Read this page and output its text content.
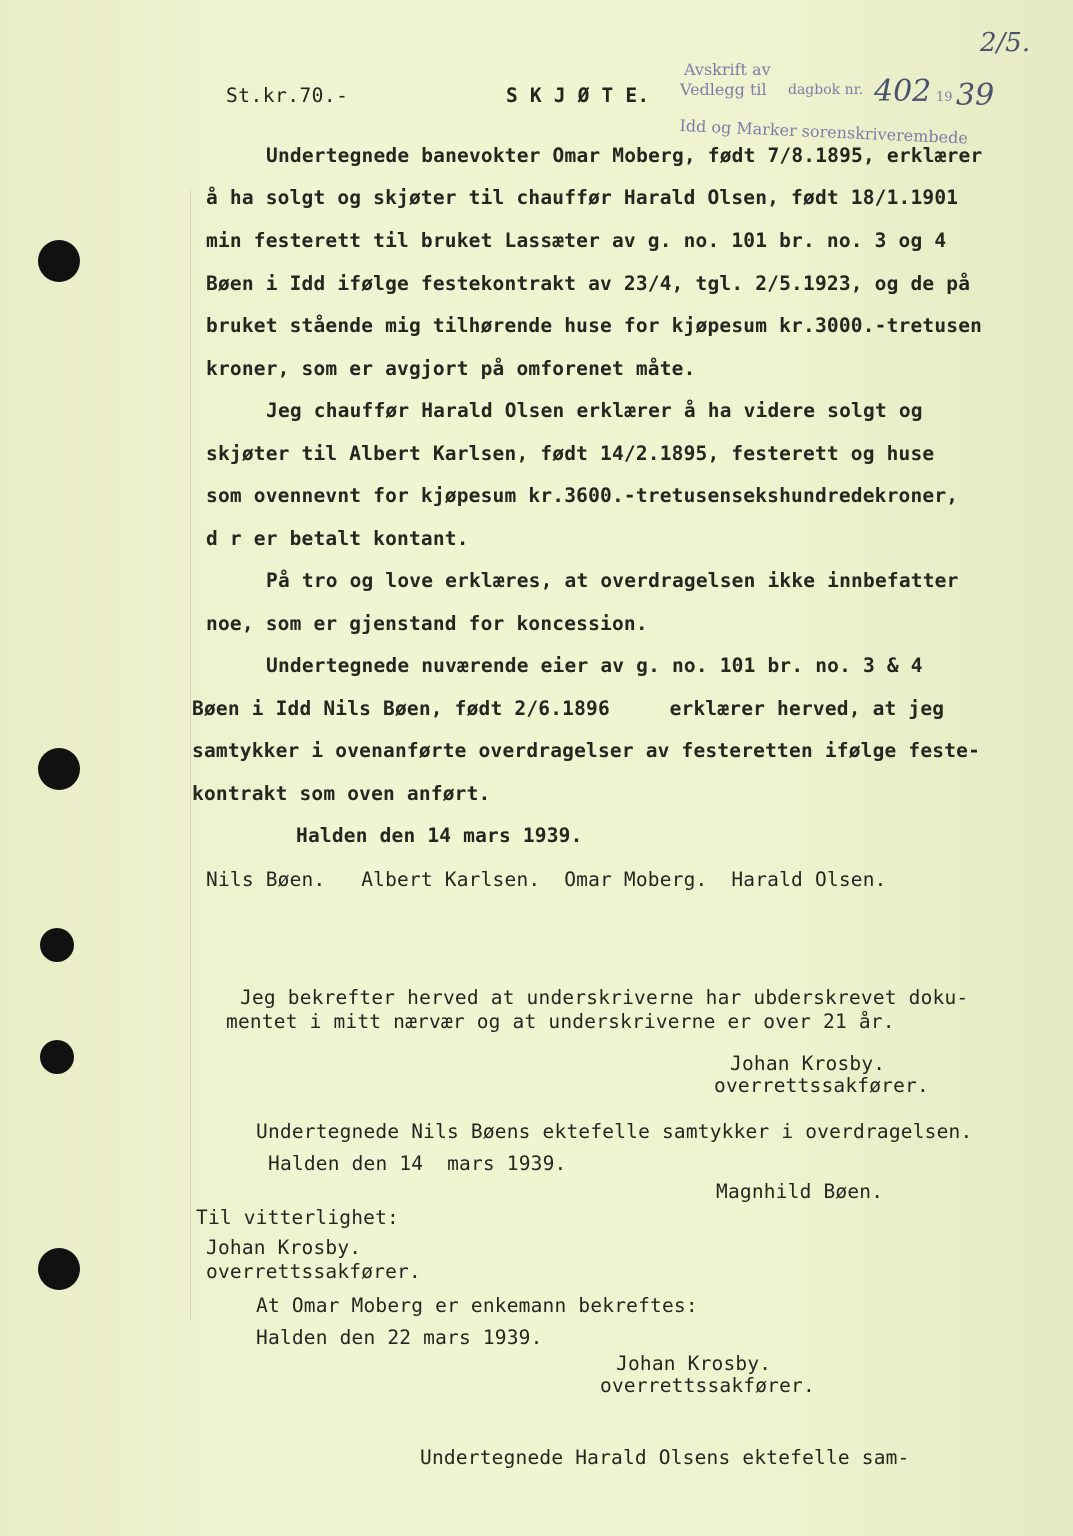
St.kr.70.-	S K J Ø T E.
Avskrift av
Vedlegg til dagbok nr. 402 19 39
Idd og Marker sorenskriverembede
2/5.
Undertegnede banevokter Omar Moberg, født 7/8.1895, erklærer
å ha solgt og skjøter til chauffør Harald Olsen, født 18/1.1901
min festerett til bruket Lassæter av g. no. 101 br. no. 3 og 4
Bøen i Idd ifølge festekontrakt av 23/4, tgl. 2/5.1923, og de på
bruket stående mig tilhørende huse for kjøpesum kr.3000.-tretusen
kroner, som er avgjort på omforenet måte.
Jeg chauffør Harald Olsen erklærer å ha videre solgt og
skjøter til Albert Karlsen, født 14/2.1895, festerett og huse
som ovennevnt for kjøpesum kr.3600.-tretusensekshundredekroner,
d r er betalt kontant.
På tro og love erklæres, at overdragelsen ikke innbefatter
noe, som er gjenstand for koncession.
Undertegnede nuværende eier av g. no. 101 br. no. 3 & 4
Bøen i Idd Nils Bøen, født 2/6.1896     erklærer herved, at jeg
samtykker i ovenanførte overdragelser av festeretten ifølge feste-
kontrakt som oven anført.
Halden den 14 mars 1939.
Nils Bøen.   Albert Karlsen.  Omar Moberg.  Harald Olsen.
Jeg bekrefter herved at underskriverne har ubderskrevet doku-
mentet i mitt nærvær og at underskriverne er over 21 år.
Johan Krosby.
overrettssakfører.
Undertegnede Nils Bøens ektefelle samtykker i overdragelsen.
Halden den 14  mars 1939.
Magnhild Bøen.
Til vitterlighet:
Johan Krosby.
overrettssakfører.
At Omar Moberg er enkemann bekreftes:
Halden den 22 mars 1939.
Johan Krosby.
overrettssakfører.
Undertegnede Harald Olsens ektefelle sam-
